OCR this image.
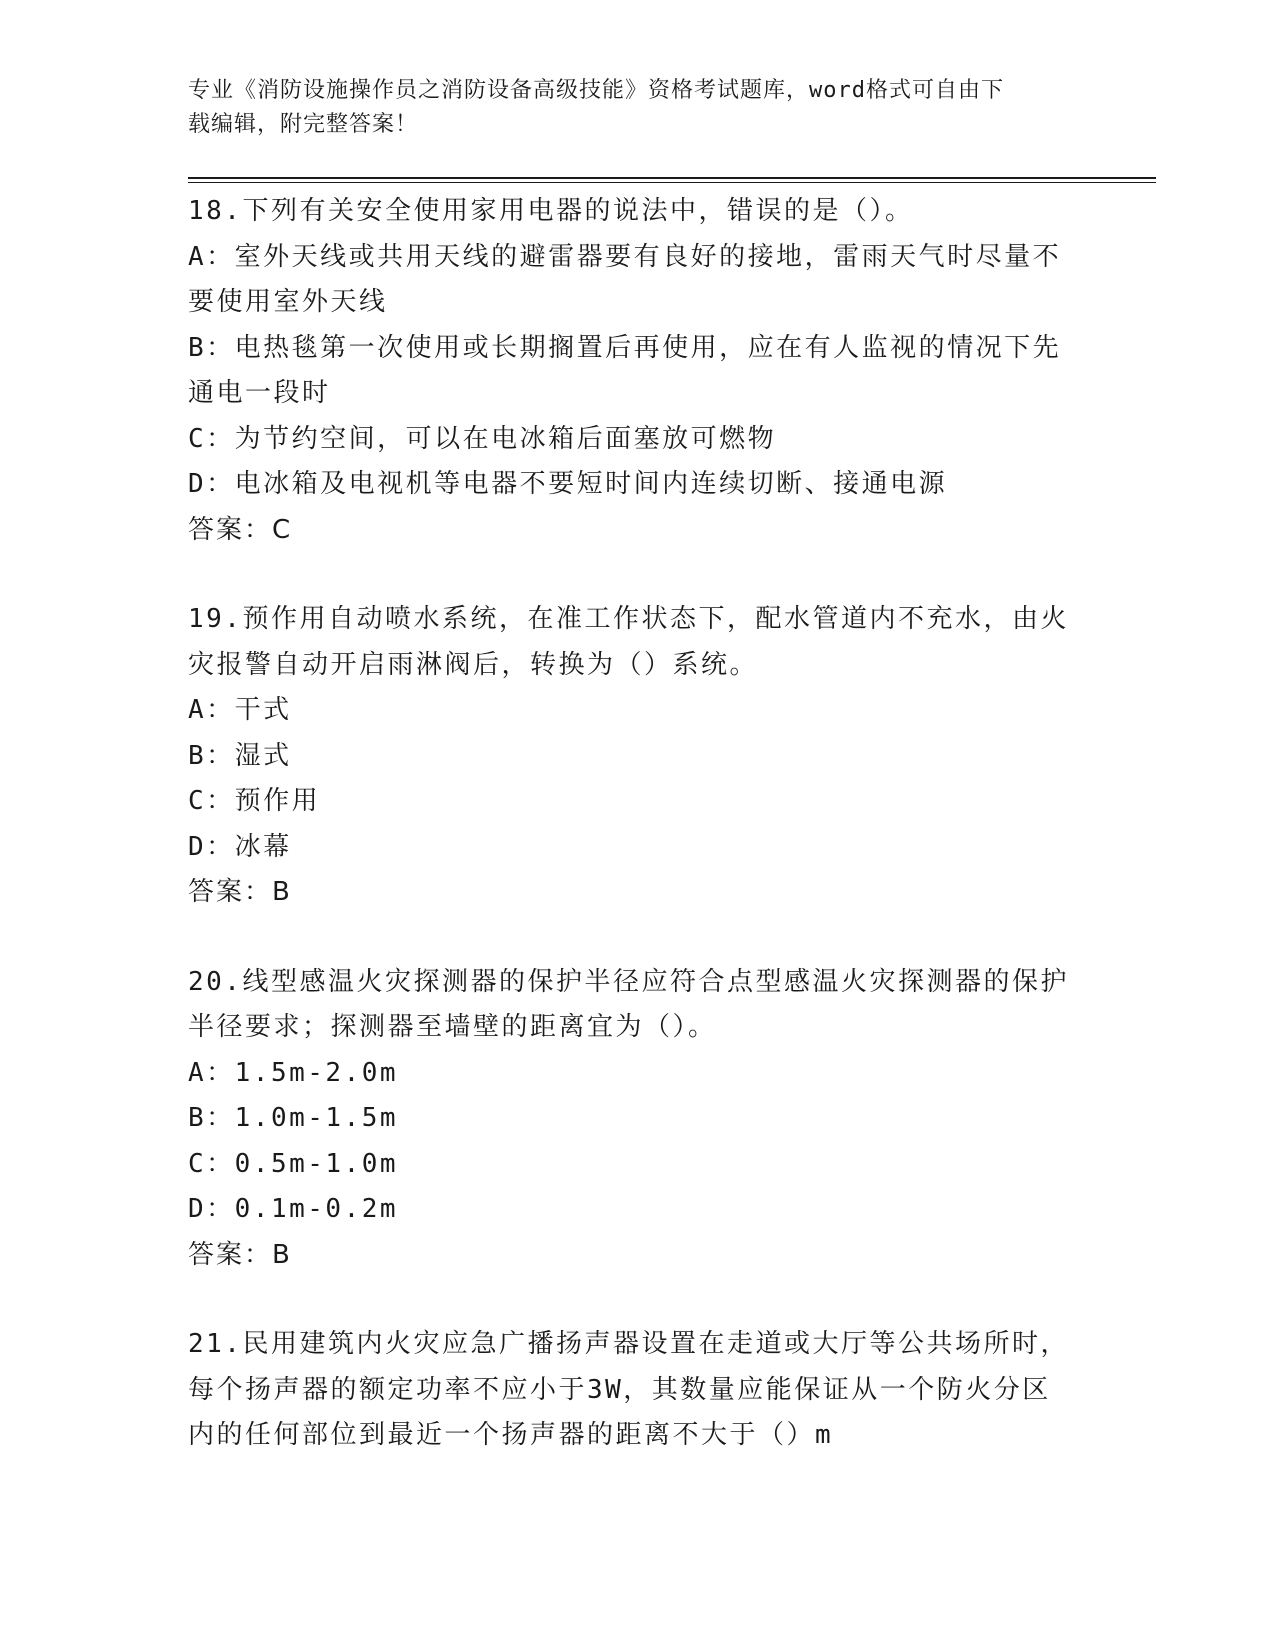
专业《消防设施操作员之消防设备高级技能》资格考试题库，word格式可自由下
载编辑，附完整答案！
18.下列有关安全使用家用电器的说法中，错误的是（）。
A：室外天线或共用天线的避雷器要有良好的接地，雷雨天气时尽量不
要使用室外天线
B：电热毯第一次使用或长期搁置后再使用，应在有人监视的情况下先
通电一段时
C：为节约空间，可以在电冰箱后面塞放可燃物
D：电冰箱及电视机等电器不要短时间内连续切断、接通电源
答案：C
19.预作用自动喷水系统，在准工作状态下，配水管道内不充水，由火
灾报警自动开启雨淋阀后，转换为（）系统。
A：干式
B：湿式
C：预作用
D：冰幕
答案：B
20.线型感温火灾探测器的保护半径应符合点型感温火灾探测器的保护
半径要求；探测器至墙壁的距离宜为（）。
A：1.5m-2.0m
B：1.0m-1.5m
C：0.5m-1.0m
D：0.1m-0.2m
答案：B
21.民用建筑内火灾应急广播扬声器设置在走道或大厅等公共场所时，
每个扬声器的额定功率不应小于3W，其数量应能保证从一个防火分区
内的任何部位到最近一个扬声器的距离不大于（）m
